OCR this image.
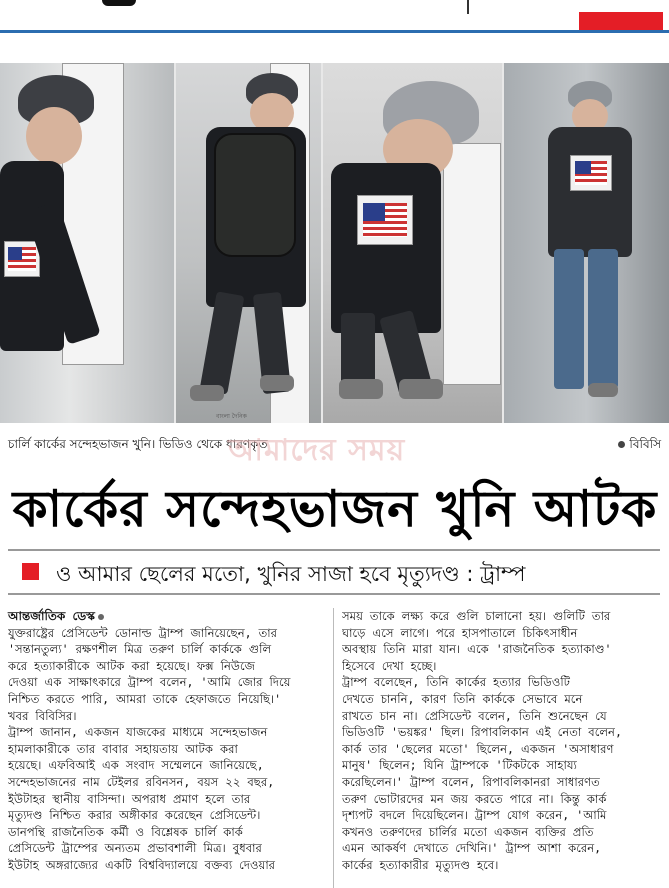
বাংলা দৈনিক
চার্লি কার্কের সন্দেহভাজন খুনি। ভিডিও থেকে ধারণকৃত
আমাদের সময়	বিবিসি
কার্কের সন্দেহভাজন খুনি আটক
ও আমার ছেলের মতো, খুনির সাজা হবে মৃত্যুদণ্ড : ট্রাম্প
আন্তর্জাতিক ডেস্ক
যুক্তরাষ্ট্রের প্রেসিডেন্ট ডোনাল্ড ট্রাম্প জানিয়েছেন, তার
'সন্তানতুল্য' রক্ষণশীল মিত্র তরুণ চার্লি কার্ককে গুলি
করে হত্যাকারীকে আটক করা হয়েছে। ফক্স নিউজে
দেওয়া এক সাক্ষাৎকারে ট্রাম্প বলেন, 'আমি জোর দিয়ে
নিশ্চিত করতে পারি, আমরা তাকে হেফাজতে নিয়েছি।'
খবর বিবিসির।
ট্রাম্প জানান, একজন যাজকের মাধ্যমে সন্দেহভাজন
হামলাকারীকে তার বাবার সহায়তায় আটক করা
হয়েছে। এফবিআই এক সংবাদ সম্মেলনে জানিয়েছে,
সন্দেহভাজনের নাম টেইলর রবিনসন, বয়স ২২ বছর,
ইউটাহর স্থানীয় বাসিন্দা। অপরাধ প্রমাণ হলে তার
মৃত্যুদণ্ড নিশ্চিত করার অঙ্গীকার করেছেন প্রেসিডেন্ট।
ডানপন্থি রাজনৈতিক কর্মী ও বিশ্লেষক চার্লি কার্ক
প্রেসিডেন্ট ট্রাম্পের অন্যতম প্রভাবশালী মিত্র। বুধবার
ইউটাহ অঙ্গরাজ্যের একটি বিশ্ববিদ্যালয়ে বক্তব্য দেওয়ার
সময় তাকে লক্ষ্য করে গুলি চালানো হয়। গুলিটি তার
ঘাড়ে এসে লাগে। পরে হাসপাতালে চিকিৎসাধীন
অবস্থায় তিনি মারা যান। একে 'রাজনৈতিক হত্যাকাণ্ড'
হিসেবে দেখা হচ্ছে।
ট্রাম্প বলেছেন, তিনি কার্কের হত্যার ভিডিওটি
দেখতে চাননি, কারণ তিনি কার্ককে সেভাবে মনে
রাখতে চান না। প্রেসিডেন্ট বলেন, তিনি শুনেছেন যে
ভিডিওটি 'ভয়ঙ্কর' ছিল। রিপাবলিকান এই নেতা বলেন,
কার্ক তার 'ছেলের মতো' ছিলেন, একজন 'অসাধারণ
মানুষ' ছিলেন; যিনি ট্রাম্পকে 'টিকটকে সাহায্য
করেছিলেন।' ট্রাম্প বলেন, রিপাবলিকানরা সাধারণত
তরুণ ভোটারদের মন জয় করতে পারে না। কিন্তু কার্ক
দৃশ্যপট বদলে দিয়েছিলেন। ট্রাম্প যোগ করেন, 'আমি
কখনও তরুণদের চার্লির মতো একজন ব্যক্তির প্রতি
এমন আকর্ষণ দেখাতে দেখিনি।' ট্রাম্প আশা করেন,
কার্কের হত্যাকারীর মৃত্যুদণ্ড হবে।
